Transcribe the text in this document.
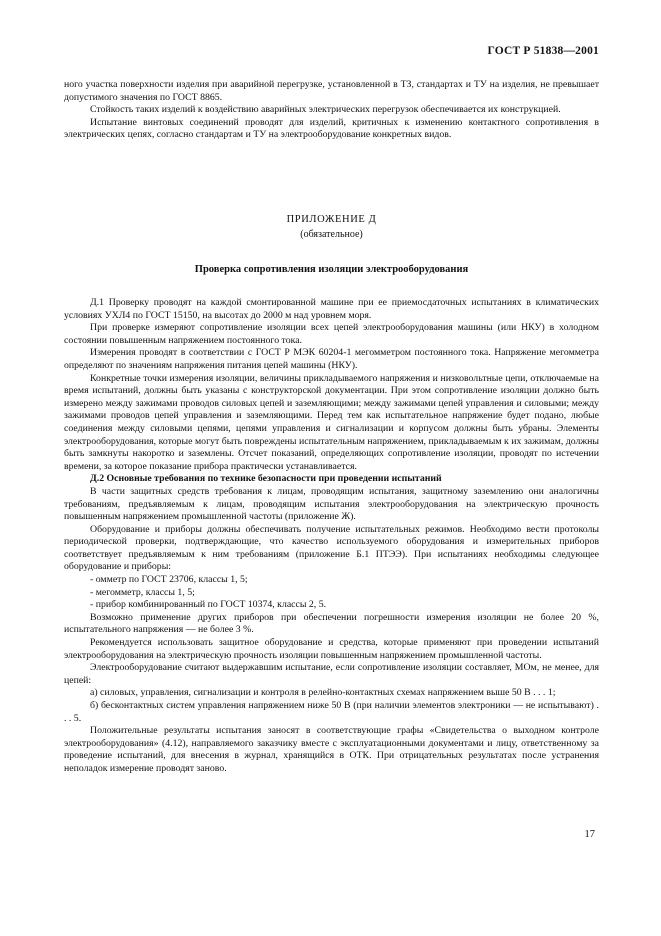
ГОСТ Р 51838—2001

ного участка поверхности изделия при аварийной перегрузке, установленной в ТЗ, стандартах и ТУ на изделия, не превышает допустимого значения по ГОСТ 8865.

Стойкость таких изделий к воздействию аварийных электрических перегрузок обеспечивается их конструкцией.

Испытание винтовых соединений проводят для изделий, критичных к изменению контактного сопротивления в электрических цепях, согласно стандартам и ТУ на электрооборудование конкретных видов.

ПРИЛОЖЕНИЕ Д
(обязательное)
Проверка сопротивления изоляции электрооборудования

Д.1 Проверку проводят на каждой смонтированной машине при ее приемосдаточных испытаниях в климатических условиях УХЛ4 по ГОСТ 15150, на высотах до 2000 м над уровнем моря.

При проверке измеряют сопротивление изоляции всех цепей электрооборудования машины (или НКУ) в холодном состоянии повышенным напряжением постоянного тока.

Измерения проводят в соответствии с ГОСТ Р МЭК 60204-1 мегомметром постоянного тока. Напряжение мегомметра определяют по значениям напряжения питания цепей машины (НКУ).

Конкретные точки измерения изоляции, величины прикладываемого напряжения и низковольтные цепи, отключаемые на время испытаний, должны быть указаны с конструкторской документации. При этом сопротивление изоляции должно быть измерено между зажимами проводов силовых цепей и заземляющими; между зажимами цепей управления и силовыми; между зажимами проводов цепей управления и заземляющими. Перед тем как испытательное напряжение будет подано, любые соединения между силовыми цепями, цепями управления и сигнализации и корпусом должны быть убраны. Элементы электрооборудования, которые могут быть повреждены испытательным напряжением, прикладываемым к их зажимам, должны быть замкнуты накоротко и заземлены. Отсчет показаний, определяющих сопротивление изоляции, проводят по истечении времени, за которое показание прибора практически устанавливается.

Д.2 Основные требования по технике безопасности при проведении испытаний

В части защитных средств требования к лицам, проводящим испытания, защитному заземлению они аналогичны требованиям, предъявляемым к лицам, проводящим испытания электрооборудования на электрическую прочность повышенным напряжением промышленной частоты (приложение Ж).

Оборудование и приборы должны обеспечивать получение испытательных режимов. Необходимо вести протоколы периодической проверки, подтверждающие, что качество используемого оборудования и измерительных приборов соответствует предъявляемым к ним требованиям (приложение Б.1 ПТЭЭ). При испытаниях необходимы следующее оборудование и приборы:

- омметр по ГОСТ 23706, классы 1, 5;

- мегомметр, классы 1, 5;

- прибор комбинированный по ГОСТ 10374, классы 2, 5.

Возможно применение других приборов при обеспечении погрешности измерения изоляции не более 20 %, испытательного напряжения — не более 3 %.

Рекомендуется использовать защитное оборудование и средства, которые применяют при проведении испытаний электрооборудования на электрическую прочность изоляции повышенным напряжением промышленной частоты.

Электрооборудование считают выдержавшим испытание, если сопротивление изоляции составляет, МОм, не менее, для цепей:

а) силовых, управления, сигнализации и контроля в релейно-контактных схемах напряжением выше 50 В . . . 1;

б) бесконтактных систем управления напряжением ниже 50 В (при наличии элементов электроники — не испытывают) . . . 5.

Положительные результаты испытания заносят в соответствующие графы «Свидетельства о выходном контроле электрооборудования» (4.12), направляемого заказчику вместе с эксплуатационными документами и лицу, ответственному за проведение испытаний, для внесения в журнал, хранящийся в ОТК. При отрицательных результатах после устранения неполадок измерение проводят заново.

17
